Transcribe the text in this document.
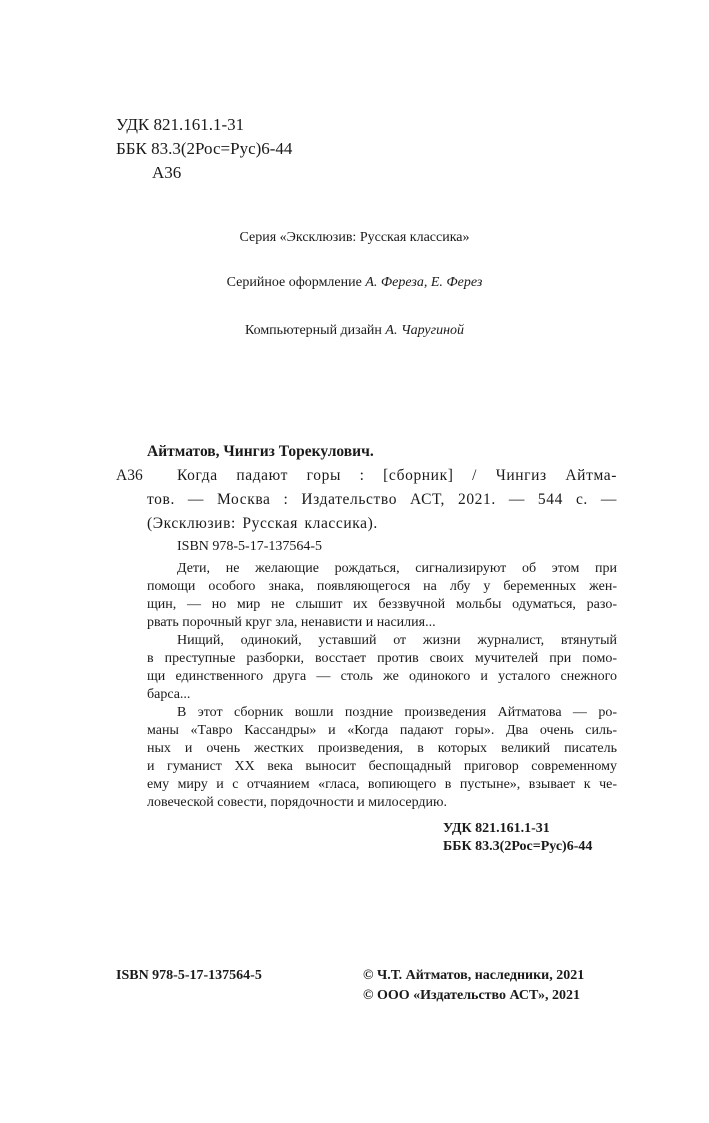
УДК 821.161.1-31
ББК 83.3(2Рос=Рус)6-44
А36
Серия «Эксклюзив: Русская классика»
Серийное оформление А. Фереза, Е. Ферез
Компьютерный дизайн А. Чаругиной
Айтматов, Чингиз Торекулович.
А36 Когда падают горы : [сборник] / Чингиз Айтма-
тов. — Москва : Издательство АСТ, 2021. — 544 с. —
(Эксклюзив: Русская классика).
ISBN 978-5-17-137564-5
Дети, не желающие рождаться, сигнализируют об этом при
помощи особого знака, появляющегося на лбу у беременных жен-
щин, — но мир не слышит их беззвучной мольбы одуматься, разо-
рвать порочный круг зла, ненависти и насилия...
Нищий, одинокий, уставший от жизни журналист, втянутый
в преступные разборки, восстает против своих мучителей при помо-
щи единственного друга — столь же одинокого и усталого снежного
барса...
В этот сборник вошли поздние произведения Айтматова — ро-
маны «Тавро Кассандры» и «Когда падают горы». Два очень силь-
ных и очень жестких произведения, в которых великий писатель
и гуманист XX века выносит беспощадный приговор современному
ему миру и с отчаянием «гласа, вопиющего в пустыне», взывает к че-
ловеческой совести, порядочности и милосердию.
УДК 821.161.1-31
ББК 83.3(2Рос=Рус)6-44
ISBN 978-5-17-137564-5	© Ч.Т. Айтматов, наследники, 2021
© ООО «Издательство АСТ», 2021
